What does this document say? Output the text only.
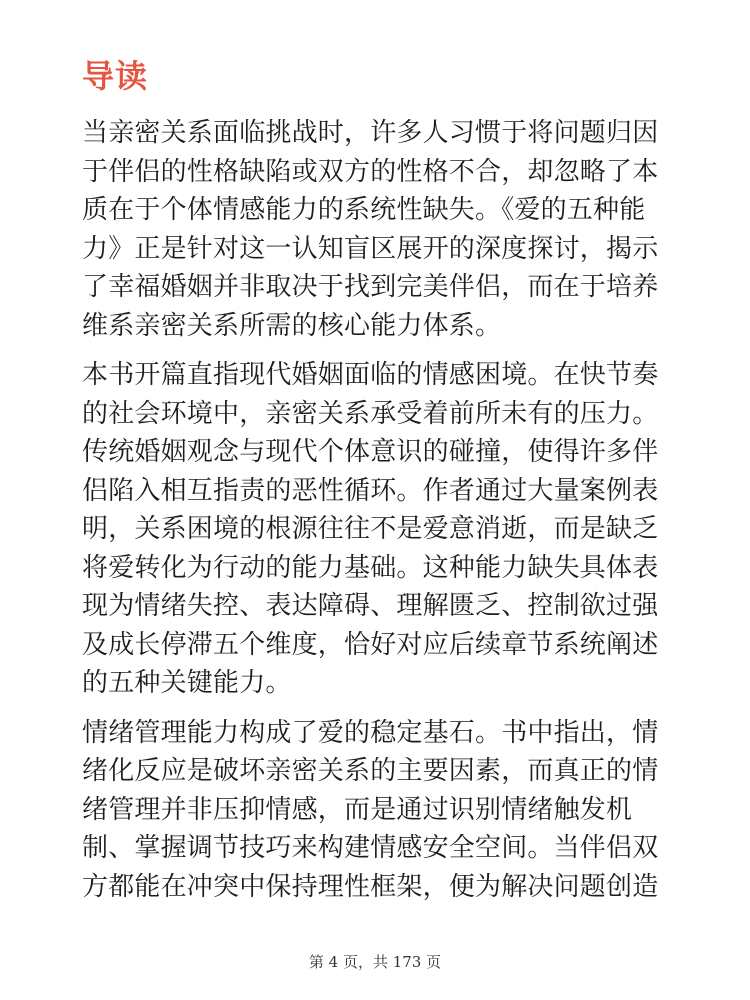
导读

当亲密关系面临挑战时，许多人习惯于将问题归因
于伴侣的性格缺陷或双方的性格不合，却忽略了本
质在于个体情感能力的系统性缺失。《爱的五种能
力》正是针对这一认知盲区展开的深度探讨，揭示
了幸福婚姻并非取决于找到完美伴侣，而在于培养
维系亲密关系所需的核心能力体系。

本书开篇直指现代婚姻面临的情感困境。在快节奏
的社会环境中，亲密关系承受着前所未有的压力。
传统婚姻观念与现代个体意识的碰撞，使得许多伴
侣陷入相互指责的恶性循环。作者通过大量案例表
明，关系困境的根源往往不是爱意消逝，而是缺乏
将爱转化为行动的能力基础。这种能力缺失具体表
现为情绪失控、表达障碍、理解匮乏、控制欲过强
及成长停滞五个维度，恰好对应后续章节系统阐述
的五种关键能力。

情绪管理能力构成了爱的稳定基石。书中指出，情
绪化反应是破坏亲密关系的主要因素，而真正的情
绪管理并非压抑情感，而是通过识别情绪触发机
制、掌握调节技巧来构建情感安全空间。当伴侣双
方都能在冲突中保持理性框架，便为解决问题创造

第 4 页，共 173 页
